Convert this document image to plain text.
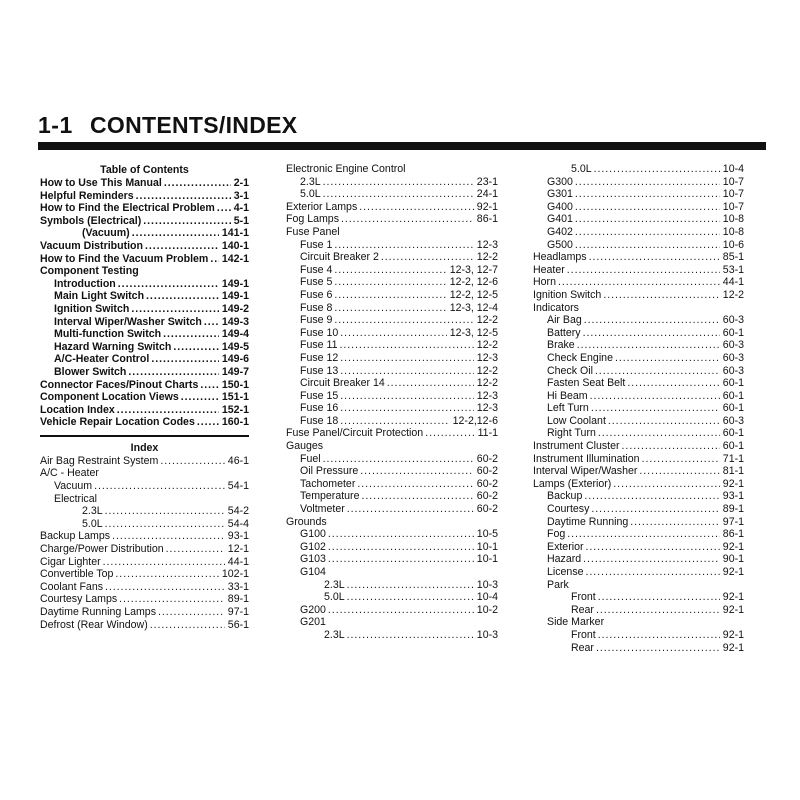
1-1 CONTENTS/INDEX
Table of Contents
How to Use This Manual . . .	2-1
Helpful Reminders . . .	3-1
How to Find the Electrical Problem . . . 4-1
Symbols (Electrical) . . .	5-1
(Vacuum) . . .	141-1
Vacuum Distribution . . .	140-1
How to Find the Vacuum Problem . . . 142-1
Component Testing
Introduction . . .	149-1
Main Light Switch . . .	149-1
Ignition Switch . . .	149-2
Interval Wiper/Washer Switch . . . 149-3
Multi-function Switch . . .	149-4
Hazard Warning Switch . . .	149-5
A/C-Heater Control . . .	149-6
Blower Switch . . .	149-7
Connector Faces/Pinout Charts . . . 150-1
Component Location Views . . .	151-1
Location Index . . .	152-1
Vehicle Repair Location Codes . . .	160-1
Index
Air Bag Restraint System . . .	46-1
A/C - Heater
Vacuum . . .	54-1
Electrical
2.3L . . .	54-2
5.0L . . .	54-4
Backup Lamps . . .	93-1
Charge/Power Distribution . . .	12-1
Cigar Lighter . . .	44-1
Convertible Top . . .	102-1
Coolant Fans . . .	33-1
Courtesy Lamps . . .	89-1
Daytime Running Lamps . . .	97-1
Defrost (Rear Window) . . .	56-1
Electronic Engine Control
2.3L . . .	23-1
5.0L . . .	24-1
Exterior Lamps . . .	92-1
Fog Lamps . . .	86-1
Fuse Panel
Fuse 1 . . .	12-3
Circuit Breaker 2 . . .	12-2
Fuse 4 . . .	12-3, 12-7
Fuse 5 . . .	12-2, 12-6
Fuse 6 . . .	12-2, 12-5
Fuse 8 . . .	12-3, 12-4
Fuse 9 . . .	12-2
Fuse 10 . . .	12-3, 12-5
Fuse 11 . . .	12-2
Fuse 12 . . .	12-3
Fuse 13 . . .	12-2
Circuit Breaker 14 . . .	12-2
Fuse 15 . . .	12-3
Fuse 16 . . .	12-3
Fuse 18 . . .	12-2,12-6
Fuse Panel/Circuit Protection . . .	11-1
Gauges
Fuel . . .	60-2
Oil Pressure . . .	60-2
Tachometer . . .	60-2
Temperature . . .	60-2
Voltmeter . . .	60-2
Grounds
G100 . . .	10-5
G102 . . .	10-1
G103 . . .	10-1
G104
2.3L . . .	10-3
5.0L . . .	10-4
G200 . . .	10-2
G201
2.3L . . .	10-3
5.0L . . .	10-4
G300 . . .	10-7
G301 . . .	10-7
G400 . . .	10-7
G401 . . .	10-8
G402 . . .	10-8
G500 . . .	10-6
Headlamps . . .	85-1
Heater . . .	53-1
Horn . . .	44-1
Ignition Switch . . .	12-2
Indicators
Air Bag . . .	60-3
Battery . . .	60-1
Brake . . .	60-3
Check Engine . . .	60-3
Check Oil . . .	60-3
Fasten Seat Belt . . .	60-1
Hi Beam . . .	60-1
Left Turn . . .	60-1
Low Coolant . . .	60-3
Right Turn . . .	60-1
Instrument Cluster . . .	60-1
Instrument Illumination . . .	71-1
Interval Wiper/Washer . . .	81-1
Lamps (Exterior) . . .	92-1
Backup . . .	93-1
Courtesy . . .	89-1
Daytime Running . . .	97-1
Fog . . .	86-1
Exterior . . .	92-1
Hazard . . .	90-1
License . . .	92-1
Park
Front . . .	92-1
Rear . . .	92-1
Side Marker
Front . . .	92-1
Rear . . .	92-1
